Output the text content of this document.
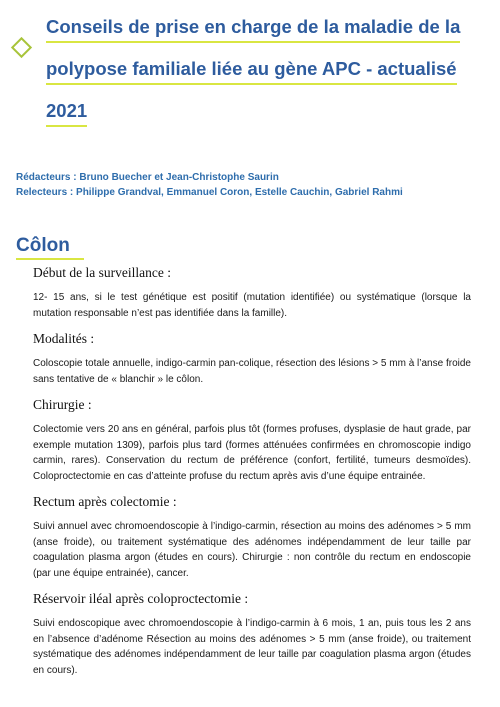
Conseils de prise en charge de la maladie de la
polypose familiale liée au gène APC - actualisé
2021
Rédacteurs : Bruno Buecher et Jean-Christophe Saurin
Relecteurs : Philippe Grandval, Emmanuel Coron, Estelle Cauchin, Gabriel Rahmi
Côlon
Début de la surveillance :

12- 15 ans, si le test génétique est positif (mutation identifiée) ou systématique (lorsque la mutation responsable n’est pas identifiée dans la famille).

Modalités :

Coloscopie totale annuelle, indigo-carmin pan-colique, résection des lésions > 5 mm à l’anse froide sans tentative de « blanchir » le côlon.

Chirurgie :

Colectomie vers 20 ans en général, parfois plus tôt (formes profuses, dysplasie de haut grade, par exemple mutation 1309), parfois plus tard (formes atténuées confirmées en chromoscopie indigo carmin, rares). Conservation du rectum de préférence (confort, fertilité, tumeurs desmoïdes). Coloproctectomie en cas d’atteinte profuse du rectum après avis d’une équipe entrainée.

Rectum après colectomie :

Suivi annuel avec chromoendoscopie à l’indigo-carmin, résection au moins des adénomes > 5 mm (anse froide), ou traitement systématique des adénomes indépendamment de leur taille par coagulation plasma argon (études en cours). Chirurgie : non contrôle du rectum en endoscopie (par une équipe entrainée), cancer.

Réservoir iléal après coloproctectomie :

Suivi endoscopique avec chromoendoscopie à l’indigo-carmin à 6 mois, 1 an, puis tous les 2 ans en l’absence d’adénome Résection au moins des adénomes > 5 mm (anse froide), ou traitement systématique des adénomes indépendamment de leur taille par coagulation plasma argon (études en cours).
